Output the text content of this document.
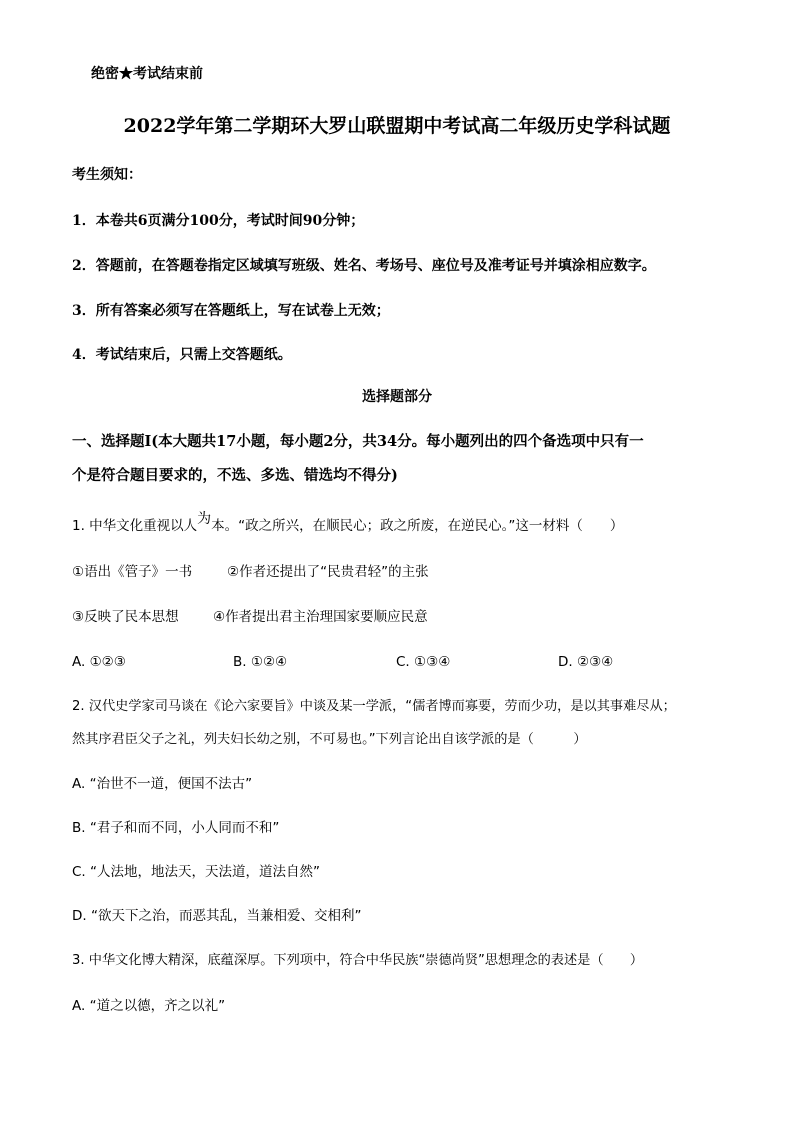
绝密★考试结束前
2022学年第二学期环大罗山联盟期中考试高二年级历史学科试题
考生须知：
1．本卷共6页满分100分，考试时间90分钟；
2．答题前，在答题卷指定区域填写班级、姓名、考场号、座位号及准考证号并填涂相应数字。
3．所有答案必须写在答题纸上，写在试卷上无效；
4．考试结束后，只需上交答题纸。
选择题部分
一、选择题Ⅰ(本大题共17小题，每小题2分，共34分。每小题列出的四个备选项中只有一
个是符合题目要求的，不选、多选、错选均不得分)
1. 中华文化重视以人为本。“政之所兴，在顺民心；政之所废，在逆民心。”这一材料（　　）
①语出《管子》一书	②作者还提出了“民贵君轻”的主张
③反映了民本思想	④作者提出君主治理国家要顺应民意
A. ①②③	B. ①②④	C. ①③④	D. ②③④
2. 汉代史学家司马谈在《论六家要旨》中谈及某一学派，“儒者博而寡要，劳而少功，是以其事难尽从；
然其序君臣父子之礼，列夫妇长幼之别，不可易也。”下列言论出自该学派的是（　　　）
A. “治世不一道，便国不法古”
B. “君子和而不同，小人同而不和”
C. “人法地，地法天，天法道，道法自然”
D. “欲天下之治，而恶其乱，当兼相爱、交相利”
3. 中华文化博大精深，底蕴深厚。下列项中，符合中华民族“崇德尚贤”思想理念的表述是（　　）
A. “道之以德，齐之以礼”
